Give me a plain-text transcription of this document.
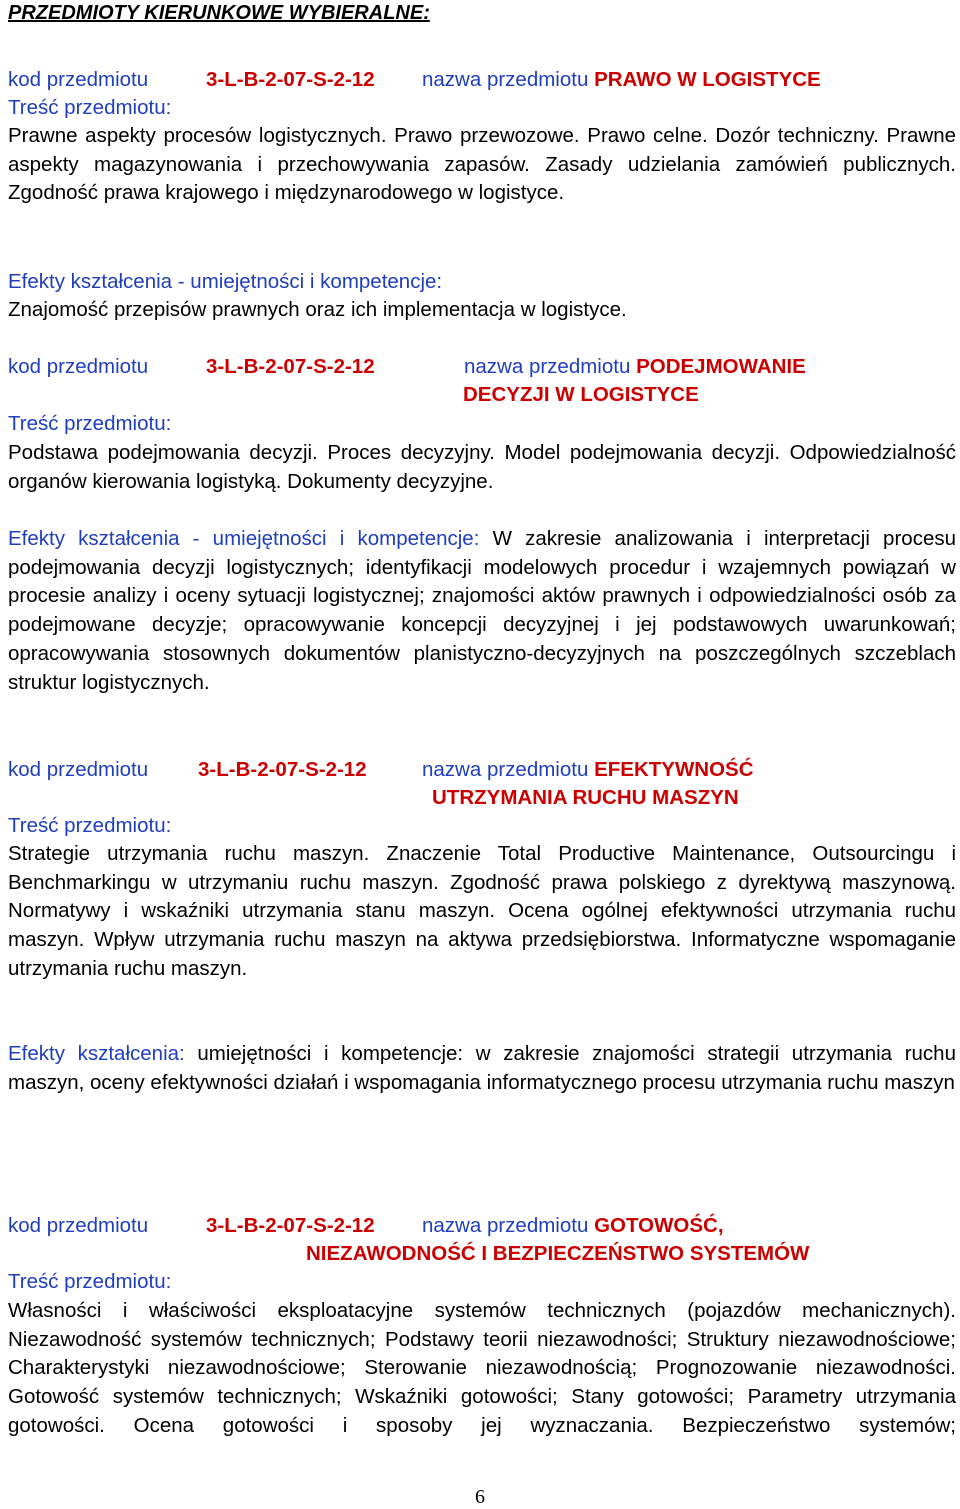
PRZEDMIOTY KIERUNKOWE WYBIERALNE:
kod przedmiotu	3-L-B-2-07-S-2-12 nazwa przedmiotu PRAWO W LOGISTYCE
Treść przedmiotu:
Prawne aspekty procesów logistycznych. Prawo przewozowe. Prawo celne. Dozór techniczny. Prawne aspekty magazynowania i przechowywania zapasów. Zasady udzielania zamówień publicznych. Zgodność prawa krajowego i międzynarodowego w logistyce.
Efekty kształcenia - umiejętności i kompetencje:
Znajomość przepisów prawnych oraz ich implementacja w logistyce.
kod przedmiotu	3-L-B-2-07-S-2-12	nazwa przedmiotu PODEJMOWANIE
DECYZJI W LOGISTYCE
Treść przedmiotu:
Podstawa podejmowania decyzji. Proces decyzyjny. Model podejmowania decyzji. Odpowiedzialność organów kierowania logistyką. Dokumenty decyzyjne.
Efekty kształcenia - umiejętności i kompetencje: W zakresie analizowania i interpretacji procesu podejmowania decyzji logistycznych; identyfikacji modelowych procedur i wzajemnych powiązań w procesie analizy i oceny sytuacji logistycznej; znajomości aktów prawnych i odpowiedzialności osób za podejmowane decyzje; opracowywanie koncepcji decyzyjnej i jej podstawowych uwarunkowań; opracowywania stosownych dokumentów planistyczno-decyzyjnych na poszczególnych szczeblach struktur logistycznych.
kod przedmiotu 3-L-B-2-07-S-2-12	nazwa przedmiotu EFEKTYWNOŚĆ
UTRZYMANIA RUCHU MASZYN
Treść przedmiotu:
Strategie utrzymania ruchu maszyn. Znaczenie Total Productive Maintenance, Outsourcingu i Benchmarkingu w utrzymaniu ruchu maszyn. Zgodność prawa polskiego z dyrektywą maszynową. Normatywy i wskaźniki utrzymania stanu maszyn. Ocena ogólnej efektywności utrzymania ruchu maszyn. Wpływ utrzymania ruchu maszyn na aktywa przedsiębiorstwa. Informatyczne wspomaganie utrzymania ruchu maszyn.
Efekty kształcenia: umiejętności i kompetencje: w zakresie znajomości strategii utrzymania ruchu maszyn, oceny efektywności działań i wspomagania informatycznego procesu utrzymania ruchu maszyn
kod przedmiotu	3-L-B-2-07-S-2-12 nazwa przedmiotu GOTOWOŚĆ,
NIEZAWODNOŚĆ I BEZPIECZEŃSTWO SYSTEMÓW
Treść przedmiotu:
Własności i właściwości eksploatacyjne systemów technicznych (pojazdów mechanicznych). Niezawodność systemów technicznych; Podstawy teorii niezawodności; Struktury niezawodnościowe; Charakterystyki niezawodnościowe; Sterowanie niezawodnością; Prognozowanie niezawodności. Gotowość systemów technicznych; Wskaźniki gotowości; Stany gotowości; Parametry utrzymania gotowości. Ocena gotowości i sposoby jej wyznaczania. Bezpieczeństwo systemów;
6
